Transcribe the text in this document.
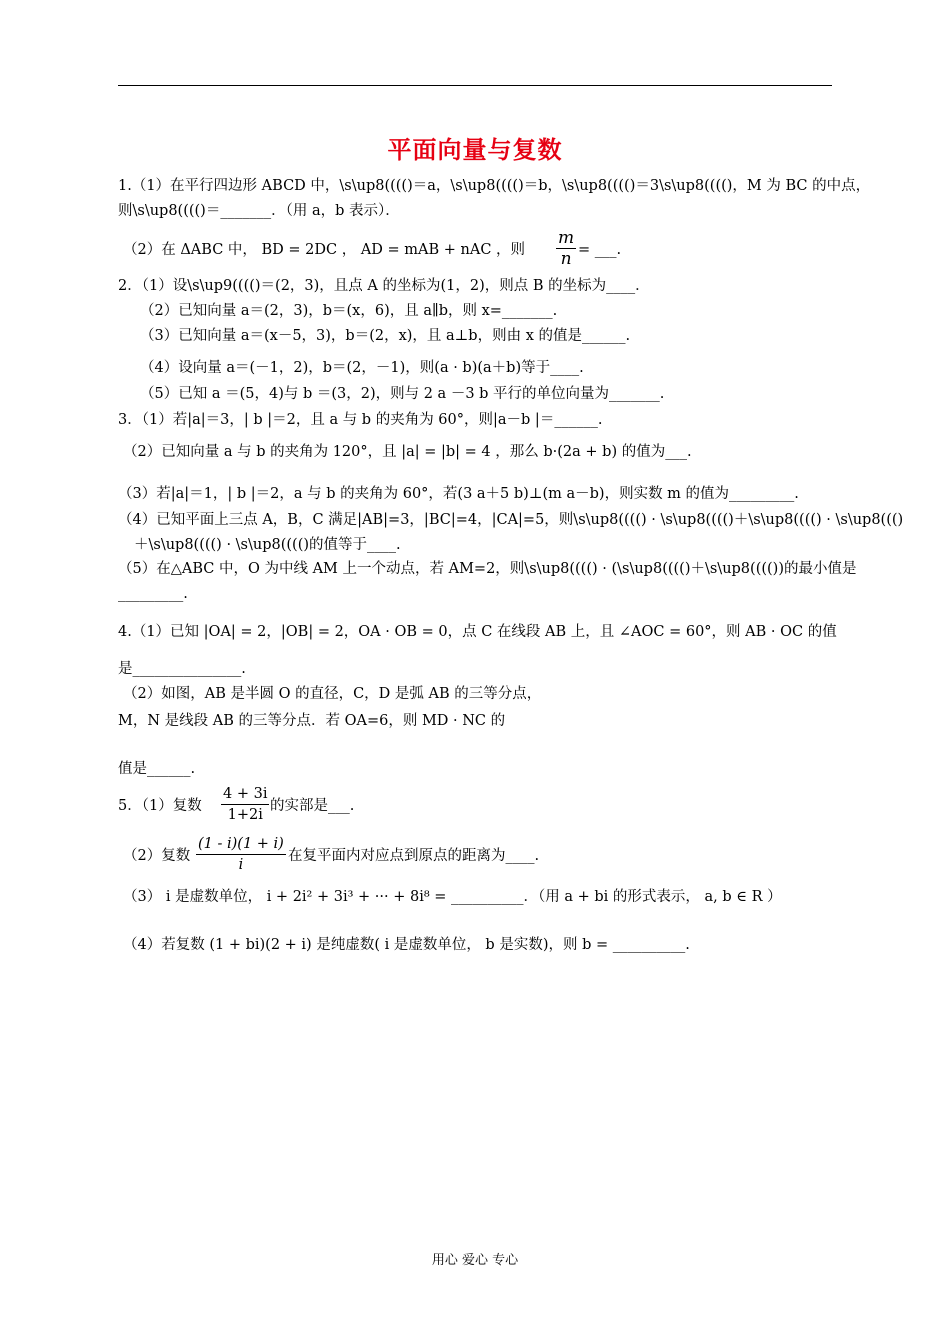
平面向量与复数
1.（1）在平行四边形 ABCD 中，\s\up8(((()＝a，\s\up8(((()＝b，\s\up8(((()＝3\s\up8(((()，M 为 BC 的中点，
则\s\up8(((()＝_______．（用 a，b 表示）．
（2）在 ΔABC 中， BD = 2DC ， AD = mAB + nAC ，则 $\frac{m}{n}$ = ___.
2．（1）设\s\up9(((()＝(2，3)，且点 A 的坐标为(1，2)，则点 B 的坐标为____．
（2）已知向量 a＝(2，3)，b＝(x，6)，且 a∥b，则 x=_______.
（3）已知向量 a＝(x－5，3)，b＝(2，x)，且 a⊥b，则由 x 的值是______.
（4）设向量 a＝(－1，2)，b＝(2，－1)，则(a · b)(a＋b)等于____.
（5）已知 a ＝(5，4)与 b ＝(3，2)，则与 2 a －3 b 平行的单位向量为_______.
3．（1）若|a|＝3，| b |＝2，且 a 与 b 的夹角为 60°，则|a－b |＝______.
（2）已知向量 a 与 b 的夹角为 120°，且 |a| = |b| = 4 ，那么 b·(2a + b) 的值为___.
（3）若|a|＝1，| b |＝2，a 与 b 的夹角为 60°，若(3 a＋5 b)⊥(m a－b)，则实数 m 的值为_________.
（4）已知平面上三点 A，B，C 满足|AB|=3，|BC|=4，|CA|=5，则\s\up8(((() · \s\up8(((()＋\s\up8(((() · \s\up8((()
＋\s\up8(((() · \s\up8(((()的值等于____.
（5）在△ABC 中，O 为中线 AM 上一个动点，若 AM=2，则\s\up8(((() · (\s\up8(((()＋\s\up8(((())的最小值是
_________.
4.（1）已知 |OA| = 2，|OB| = 2，OA · OB = 0，点 C 在线段 AB 上，且 ∠AOC = 60°，则 AB · OC 的值
是_______________.
（2）如图，AB 是半圆 O 的直径，C，D 是弧 AB 的三等分点，
M，N 是线段 AB 的三等分点．若 OA=6，则 MD · NC 的
值是______.
5．（1）复数 $\frac{4 + 3i}{1+2i}$ 的实部是___.
（2）复数 $\frac{(1 - i)(1 + i)}{i}$ 在复平面内对应点到原点的距离为____.
（3） i 是虚数单位， i + 2i² + 3i³ + ··· + 8i⁸ = __________．（用 a + bi 的形式表示， a, b ∈ R ）
（4）若复数 (1 + bi)(2 + i) 是纯虚数( i 是虚数单位， b 是实数)，则 b = __________.
用心 爱心 专心
